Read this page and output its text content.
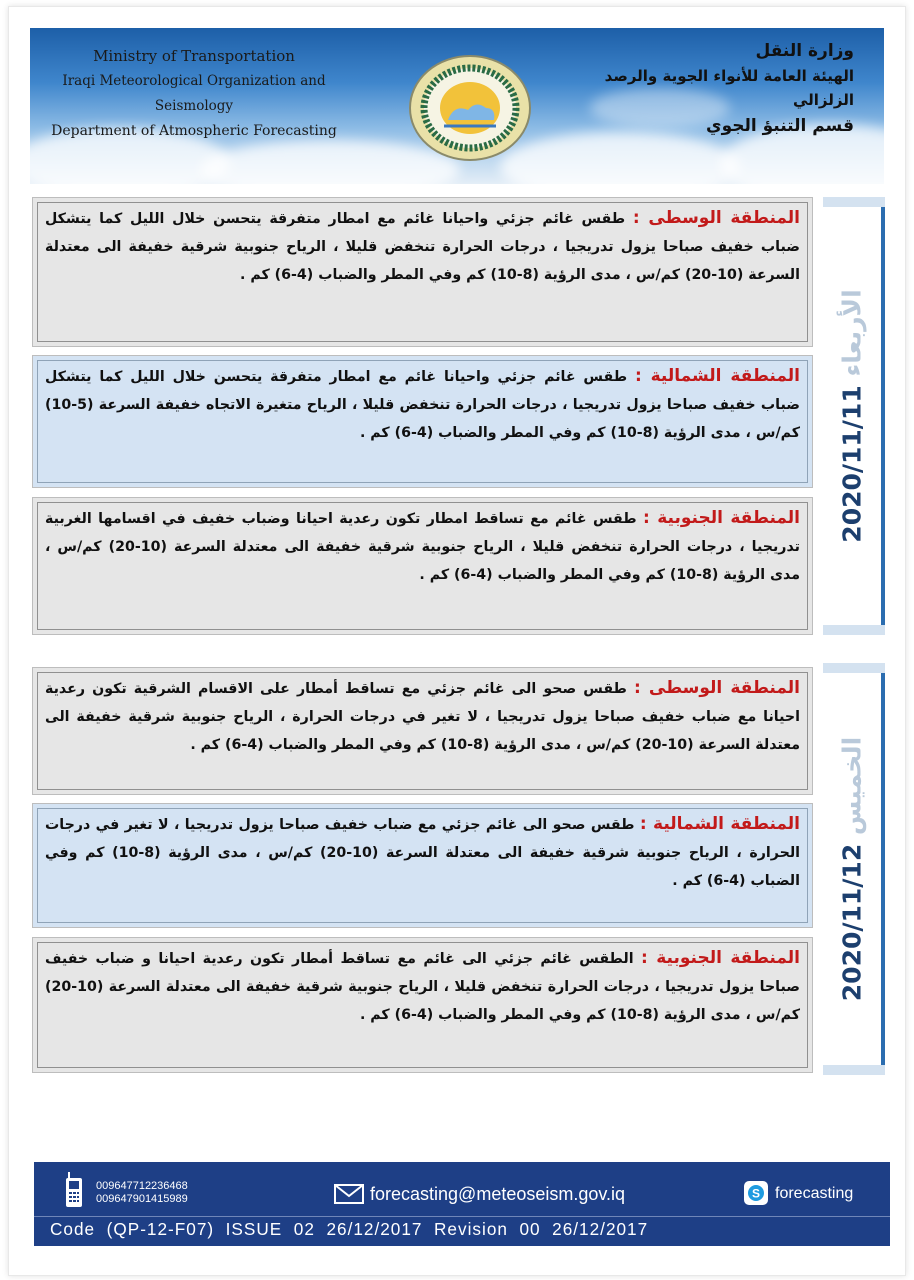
Ministry of Transportation
Iraqi Meteorological Organization and Seismology
Department of Atmospheric Forecasting
وزارة النقل
الهيئة العامة للأنواء الجوية والرصد الزلزالي
قسم التنبؤ الجوي
الأربعاء 2020/11/11
المنطقة الوسطى : طقس غائم جزئي واحيانا غائم مع امطار متفرقة يتحسن خلال الليل كما يتشكل ضباب خفيف صباحا يزول تدريجيا ، درجات الحرارة تنخفض قليلا ، الرياح جنوبية شرقية خفيفة الى معتدلة السرعة (10-20) كم/س ، مدى الرؤية (8-10) كم وفي المطر والضباب (4-6) كم .
المنطقة الشمالية : طقس غائم جزئي واحيانا غائم مع امطار متفرقة يتحسن خلال الليل كما يتشكل ضباب خفيف صباحا يزول تدريجيا ، درجات الحرارة تنخفض قليلا ، الرياح متغيرة الاتجاه خفيفة السرعة (5-10) كم/س ، مدى الرؤية (8-10) كم وفي المطر والضباب (4-6) كم .
المنطقة الجنوبية : طقس غائم مع تساقط امطار تكون رعدية احيانا وضباب خفيف في اقسامها الغربية تدريجيا ، درجات الحرارة تنخفض قليلا ، الرياح جنوبية شرقية خفيفة الى معتدلة السرعة (10-20) كم/س ، مدى الرؤية (8-10) كم وفي المطر والضباب (4-6) كم .
الخميس 2020/11/12
المنطقة الوسطى : طقس صحو الى غائم جزئي مع تساقط أمطار على الاقسام الشرقية تكون رعدية احيانا مع ضباب خفيف صباحا يزول تدريجيا ، لا تغير في درجات الحرارة ، الرياح جنوبية شرقية خفيفة الى معتدلة السرعة (10-20) كم/س ، مدى الرؤية (8-10) كم وفي المطر والضباب (4-6) كم .
المنطقة الشمالية : طقس صحو الى غائم جزئي مع ضباب خفيف صباحا يزول تدريجيا ، لا تغير في درجات الحرارة ، الرياح جنوبية شرقية خفيفة الى معتدلة السرعة (10-20) كم/س ، مدى الرؤية (8-10) كم وفي الضباب (4-6) كم .
المنطقة الجنوبية : الطقس غائم جزئي الى غائم مع تساقط أمطار تكون رعدية احيانا و ضباب خفيف صباحا يزول تدريجيا ، درجات الحرارة تنخفض قليلا ، الرياح جنوبية شرقية خفيفة الى معتدلة السرعة (10-20) كم/س ، مدى الرؤية (8-10) كم وفي المطر والضباب (4-6) كم .
009647712236468
009647901415989	forecasting@meteoseism.gov.iq	S forecasting
Code  (QP-12-F07)  ISSUE  02  26/12/2017  Revision  00  26/12/2017
